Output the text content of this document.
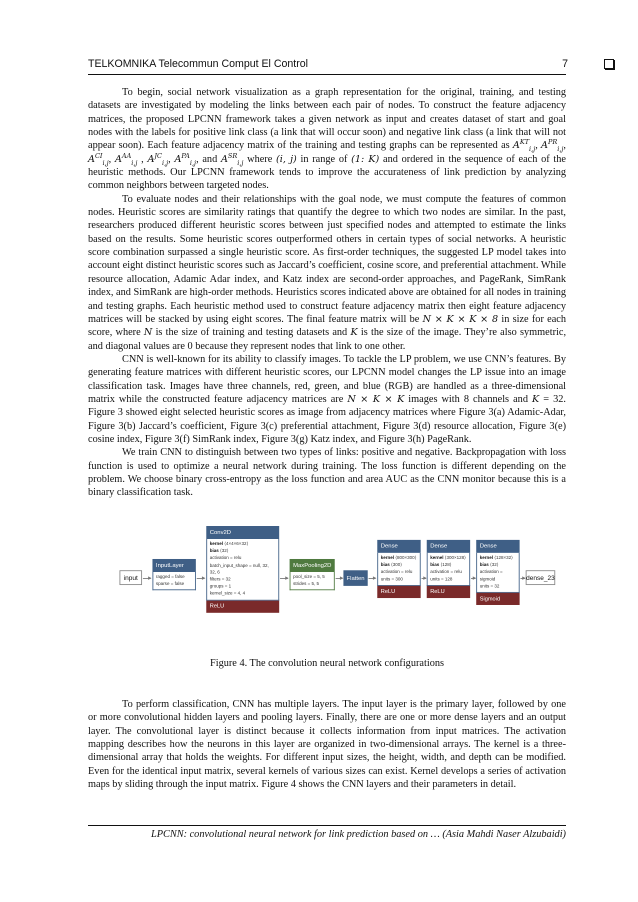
TELKOMNIKA Telecommun Comput El Control	7

To begin, social network visualization as a graph representation for the original, training, and testing datasets are investigated by modeling the links between each pair of nodes. To construct the feature adjacency matrices, the proposed LPCNN framework takes a given network as input and creates dataset of start and goal nodes with the labels for positive link class (a link that will occur soon) and negative link class (a link that will not appear soon). Each feature adjacency matrix of the training and testing graphs can be represented as $A^{KT}_{i,j}$, $A^{PR}_{i,j}$, $A^{CI}_{i,j}$, $A^{AA}_{i,j}$ , $A^{JC}_{i,j}$, $A^{PA}_{i,j}$, and $A^{SR}_{i,j}$ where (i, j) in range of (1: K) and ordered in the sequence of each of the heuristic methods. Our LPCNN framework tends to improve the accurateness of link prediction by analyzing common neighbors between targeted nodes.

To evaluate nodes and their relationships with the goal node, we must compute the features of common nodes. Heuristic scores are similarity ratings that quantify the degree to which two nodes are similar. In the past, researchers produced different heuristic scores between just specified nodes and attempted to estimate the links based on the results. Some heuristic scores outperformed others in certain types of social networks. A heuristic score combination surpassed a single heuristic score. As first-order techniques, the suggested LP model takes into account eight distinct heuristic scores such as Jaccard’s coefficient, cosine score, and preferential attachment. While resource allocation, Adamic Adar index, and Katz index are second-order approaches, and PageRank, SimRank index, and SimRank are high-order methods. Heuristics scores indicated above are obtained for all nodes in training and testing graphs. Each heuristic method used to construct feature adjacency matrix then eight feature adjacency matrices will be stacked by using eight scores. The final feature matrix will be N × K × K × 8 in size for each score, where N is the size of training and testing datasets and K is the size of the image. They’re also symmetric, and diagonal values are 0 because they represent nodes that link to one other.

CNN is well-known for its ability to classify images. To tackle the LP problem, we use CNN’s features. By generating feature matrices with different heuristic scores, our LPCNN model changes the LP issue into an image classification task. Images have three channels, red, green, and blue (RGB) are handled as a three-dimensional matrix while the constructed feature adjacency matrices are N × K × K images with 8 channels and K = 32. Figure 3 showed eight selected heuristic scores as image from adjacency matrices where Figure 3(a) Adamic-Adar, Figure 3(b) Jaccard’s coefficient, Figure 3(c) preferential attachment, Figure 3(d) resource allocation, Figure 3(e) cosine index, Figure 3(f) SimRank index, Figure 3(g) Katz index, and Figure 3(h) PageRank.

We train CNN to distinguish between two types of links: positive and negative. Backpropagation with loss function is used to optimize a neural network during training. The loss function is different depending on the problem. We choose binary cross-entropy as the loss function and area AUC as the CNN monitor because this is a binary classification task.

input
InputLayer
ragged = false
sparse = false
Conv2D
kernel ⟨4×4×6×32⟩
bias ⟨32⟩
activation = relu
batch_input_shape = null, 32, 32, 6
filters = 32
groups = 1
kernel_size = 4, 4
ReLU
MaxPooling2D
pool_size = 5, 5
strides = 5, 5
Flatten
Dense
kernel ⟨800×300⟩
bias ⟨300⟩
activation = relu
units = 300
ReLU
Dense
kernel ⟨300×128⟩
bias ⟨128⟩
activation = relu
units = 128
ReLU
Dense
kernel ⟨128×32⟩
bias ⟨32⟩
activation = sigmoid
units = 32
Sigmoid
dense_23
Figure 4. The convolution neural network configurations

To perform classification, CNN has multiple layers. The input layer is the primary layer, followed by one or more convolutional hidden layers and pooling layers. Finally, there are one or more dense layers and an output layer. The convolutional layer is distinct because it collects information from input matrices. The activation mapping describes how the neurons in this layer are organized in two-dimensional arrays. The kernel is a three-dimensional array that holds the weights. For different input sizes, the height, width, and depth can be modified. Even for the identical input matrix, several kernels of various sizes can exist. Kernel develops a series of activation maps by sliding through the input matrix. Figure 4 shows the CNN layers and their parameters in detail.

LPCNN: convolutional neural network for link prediction based on … (Asia Mahdi Naser Alzubaidi)
